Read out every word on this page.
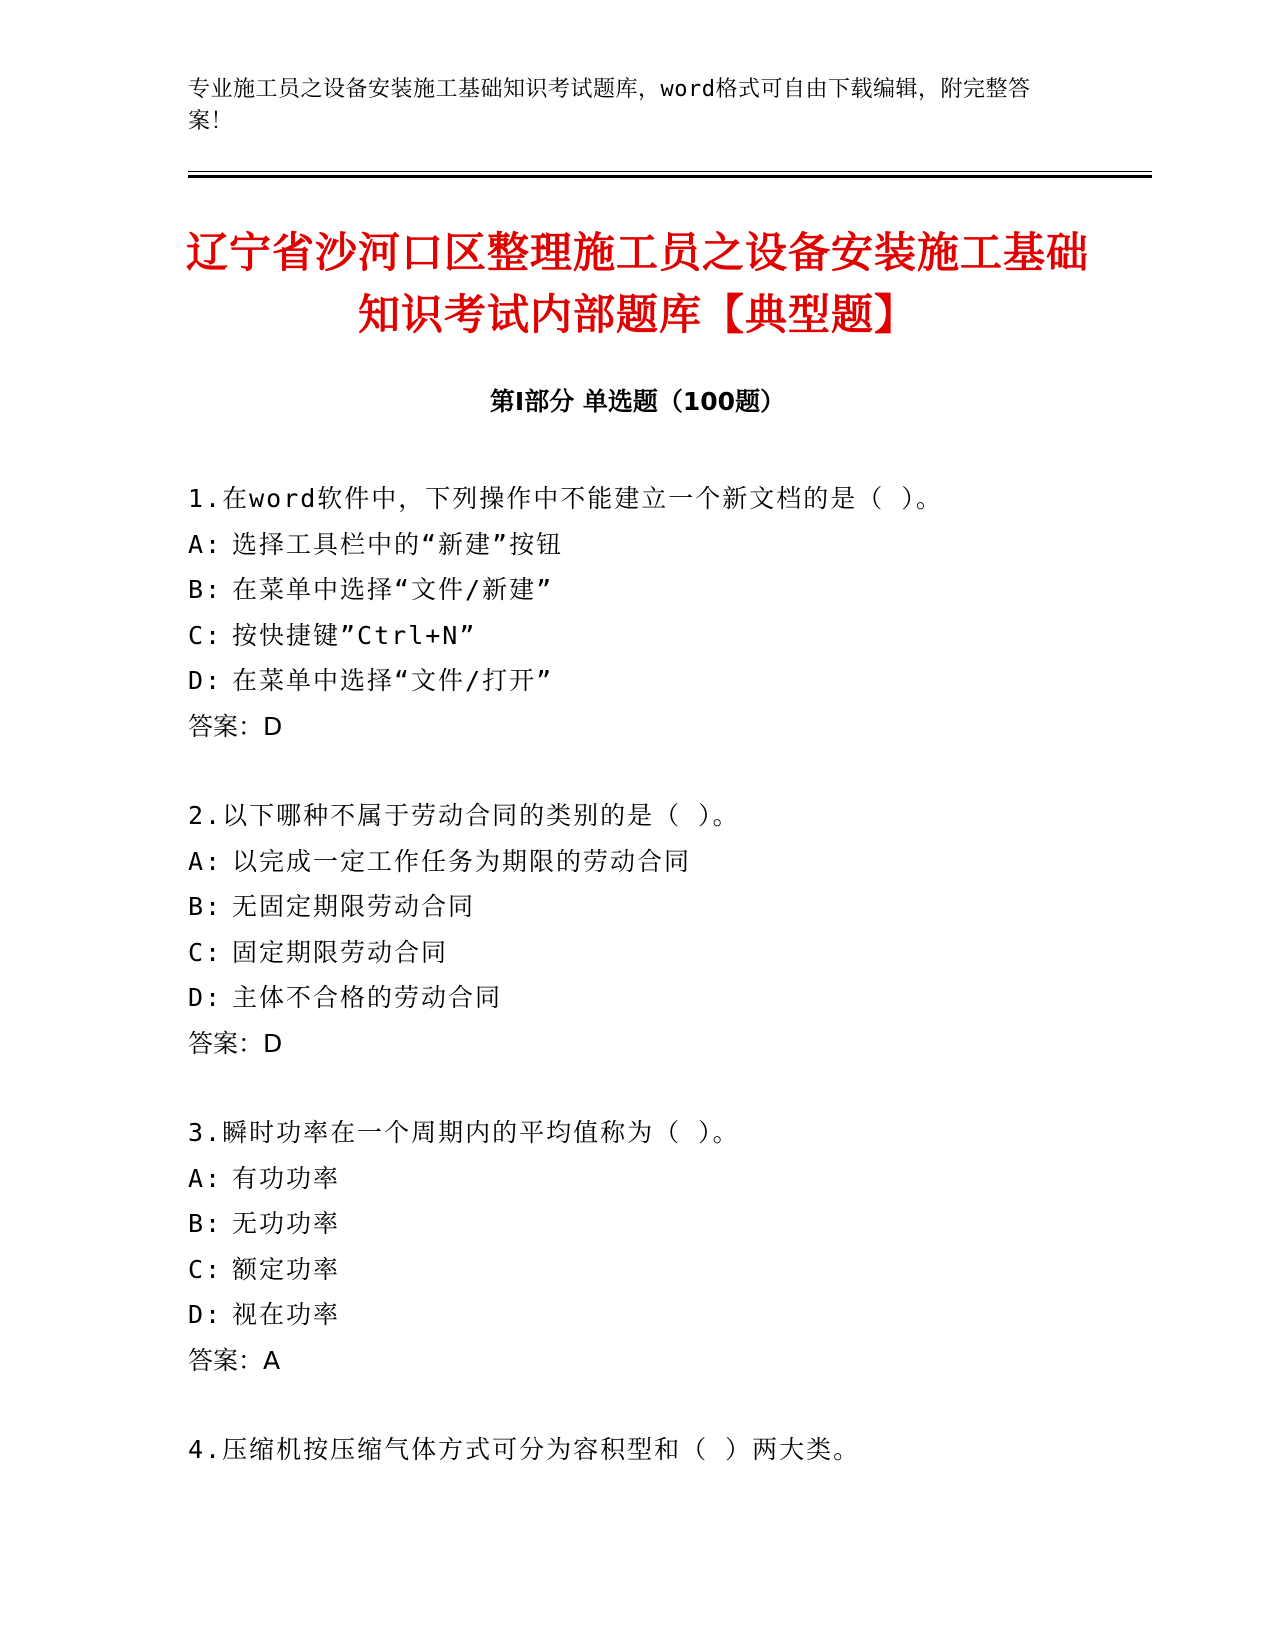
专业施工员之设备安装施工基础知识考试题库，word格式可自由下载编辑，附完整答案！

辽宁省沙河口区整理施工员之设备安装施工基础知识考试内部题库【典型题】
第Ⅰ部分 单选题（100题）
1.在word软件中，下列操作中不能建立一个新文档的是（ ）。
A: 选择工具栏中的“新建”按钮
B: 在菜单中选择“文件/新建”
C: 按快捷键”Ctrl+N”
D: 在菜单中选择“文件/打开”
答案：D
2.以下哪种不属于劳动合同的类别的是（ ）。
A: 以完成一定工作任务为期限的劳动合同
B: 无固定期限劳动合同
C: 固定期限劳动合同
D: 主体不合格的劳动合同
答案：D
3.瞬时功率在一个周期内的平均值称为（ ）。
A: 有功功率
B: 无功功率
C: 额定功率
D: 视在功率
答案：A
4.压缩机按压缩气体方式可分为容积型和（ ）两大类。
